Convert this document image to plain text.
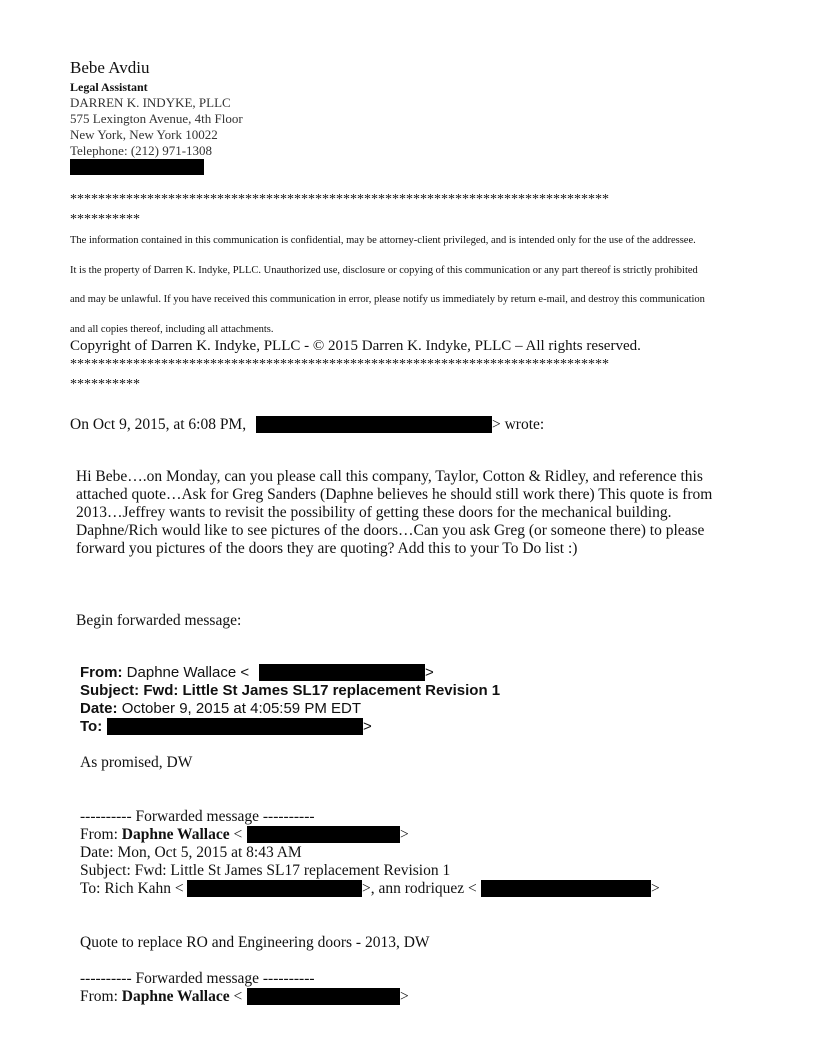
Bebe Avdiu
Legal Assistant
DARREN K. INDYKE, PLLC
575 Lexington Avenue, 4th Floor
New York, New York 10022
Telephone: (212) 971-1308
*****************************************************************************
**********
The information contained in this communication is confidential, may be attorney-client privileged, and is intended only for the use of the addressee.
It is the property of Darren K. Indyke, PLLC. Unauthorized use, disclosure or copying of this communication or any part thereof is strictly prohibited
and may be unlawful. If you have received this communication in error, please notify us immediately by return e-mail, and destroy this communication
and all copies thereof, including all attachments.
Copyright of Darren K. Indyke, PLLC - © 2015 Darren K. Indyke, PLLC – All rights reserved.
*****************************************************************************
**********
On Oct 9, 2015, at 6:08 PM,	> wrote:
Hi Bebe….on Monday, can you please call this company, Taylor, Cotton & Ridley, and reference this attached quote…Ask for Greg Sanders (Daphne believes he should still work there) This quote is from 2013…Jeffrey wants to revisit the possibility of getting these doors for the mechanical building. Daphne/Rich would like to see pictures of the doors…Can you ask Greg (or someone there) to please forward you pictures of the doors they are quoting? Add this to your To Do list :)
Begin forwarded message:
From: Daphne Wallace <	>
Subject: Fwd: Little St James SL17 replacement Revision 1
Date: October 9, 2015 at 4:05:59 PM EDT
To:	>
As promised, DW
---------- Forwarded message ----------
From: Daphne Wallace <	>
Date: Mon, Oct 5, 2015 at 8:43 AM
Subject: Fwd: Little St James SL17 replacement Revision 1
To: Rich Kahn <	>, ann rodriquez <	>
Quote to replace RO and Engineering doors - 2013, DW
---------- Forwarded message ----------
From: Daphne Wallace <	>
